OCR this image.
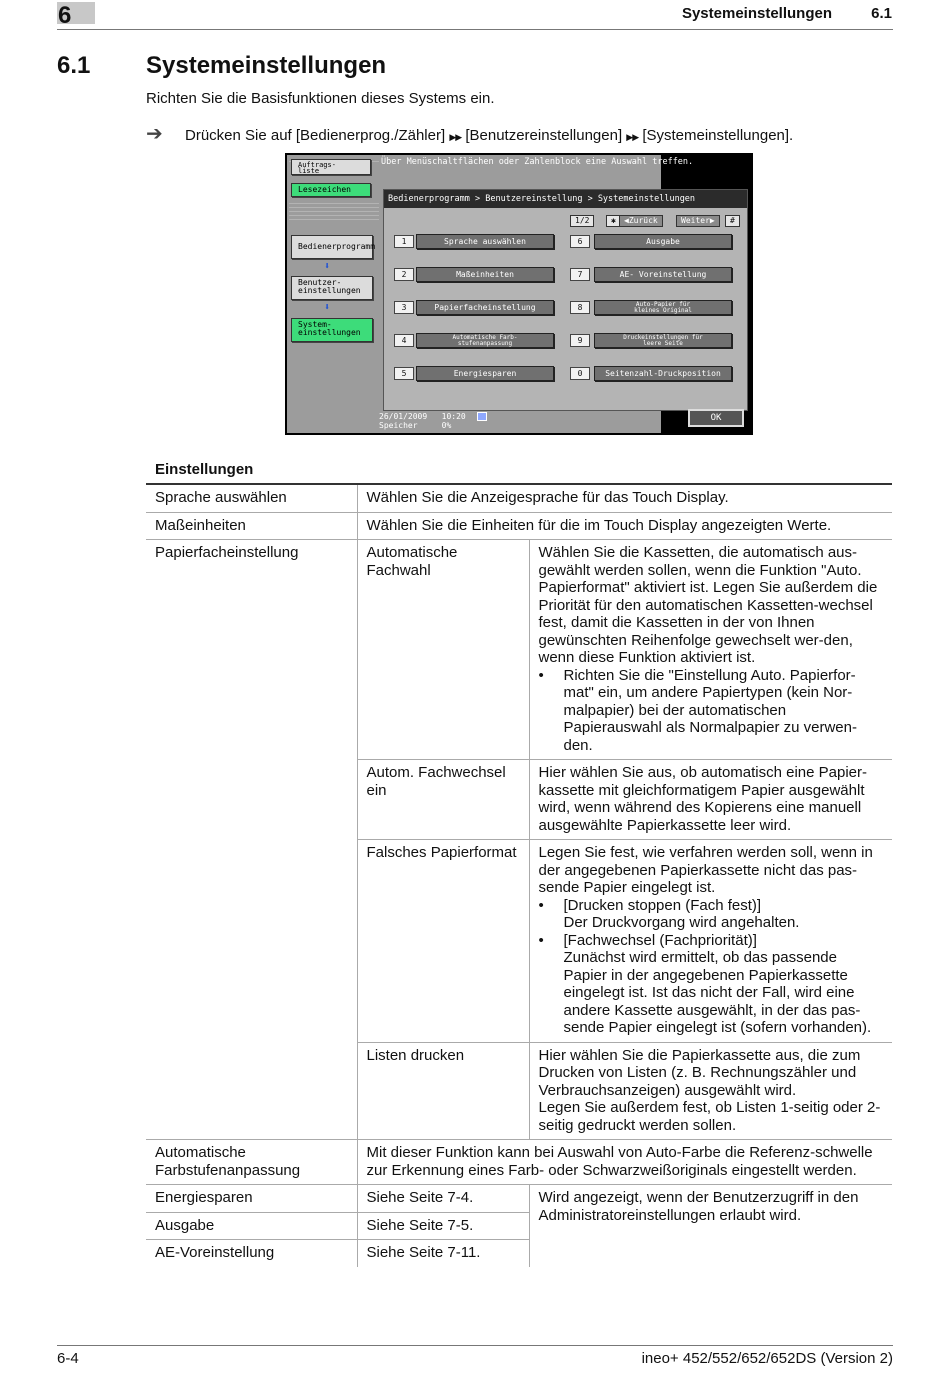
6	Systemeinstellungen	6.1
6.1 Systemeinstellungen
Richten Sie die Basisfunktionen dieses Systems ein.
➔ Drücken Sie auf [Bedienerprog./Zähler] ▶▶ [Benutzereinstellungen] ▶▶ [Systemeinstellungen].
Auftrags-
liste
Lesezeichen
Bedienerprogramm
⬇
Benutzer-
einstellungen
⬇
System-
einstellungen
Über Menüschaltflächen oder Zahlenblock eine Auswahl treffen.
Bedienerprogramm > Benutzereinstellung > Systemeinstellungen
1/2	✱	◀Zurück	Weiter▶	#
1	Sprache auswählen
2	Maßeinheiten
3	Papierfacheinstellung
4	Automatische Farb-
stufenanpassung
5	Energiesparen
6	Ausgabe
7	AE- Voreinstellung
8	Auto-Papier für
kleines Original
9	Druckeinstellungen für
leere Seite
0	Seitenzahl-Druckposition
26/01/2009 10:20
Speicher	0%
OK
Einstellungen
Sprache auswählen	Wählen Sie die Anzeigesprache für das Touch Display.	
Maßeinheiten	Wählen Sie die Einheiten für die im Touch Display angezeigten Werte.	
Papierfacheinstellung	Automatische Fachwahl	Wählen Sie die Kassetten, die automatisch aus-gewählt werden sollen, wenn die Funktion "Auto. Papierformat" aktiviert ist. Legen Sie außerdem die Priorität für den automatischen Kassetten-wechsel fest, damit die Kassetten in der von Ihnen gewünschten Reihenfolge gewechselt wer-den, wenn diese Funktion aktiviert ist.
• Richten Sie die "Einstellung Auto. Papierfor-mat" ein, um andere Papiertypen (kein Nor-malpapier) bei der automatischen Papierauswahl als Normalpapier zu verwen-den.

	Autom. Fachwechsel ein	Hier wählen Sie aus, ob automatisch eine Papier-kassette mit gleichformatigem Papier ausgewählt wird, wenn während des Kopierens eine manuell ausgewählte Papierkassette leer wird.
	Falsches Papierformat	Legen Sie fest, wie verfahren werden soll, wenn in der angegebenen Papierkassette nicht das pas-sende Papier eingelegt ist.
• [Drucken stoppen (Fach fest)]
Der Druckvorgang wird angehalten.
• [Fachwechsel (Fachpriorität)]
Zunächst wird ermittelt, ob das passende Papier in der angegebenen Papierkassette eingelegt ist. Ist das nicht der Fall, wird eine andere Kassette ausgewählt, in der das pas-sende Papier eingelegt ist (sofern vorhanden).

	Listen drucken	Hier wählen Sie die Papierkassette aus, die zum Drucken von Listen (z. B. Rechnungszähler und Verbrauchsanzeigen) ausgewählt wird.
Legen Sie außerdem fest, ob Listen 1-seitig oder 2-seitig gedruckt werden sollen.

Automatische Farbstufenanpassung	Mit dieser Funktion kann bei Auswahl von Auto-Farbe die Referenz-schwelle zur Erkennung eines Farb- oder Schwarzweißoriginals eingestellt werden.	
Energiesparen	Siehe Seite 7-4.	Wird angezeigt, wenn der Benutzerzugriff in den Administratoreinstellungen erlaubt wird.
Ausgabe	Siehe Seite 7-5.	
AE-Voreinstellung	Siehe Seite 7-11.	
6-4	ineo+ 452/552/652/652DS (Version 2)
